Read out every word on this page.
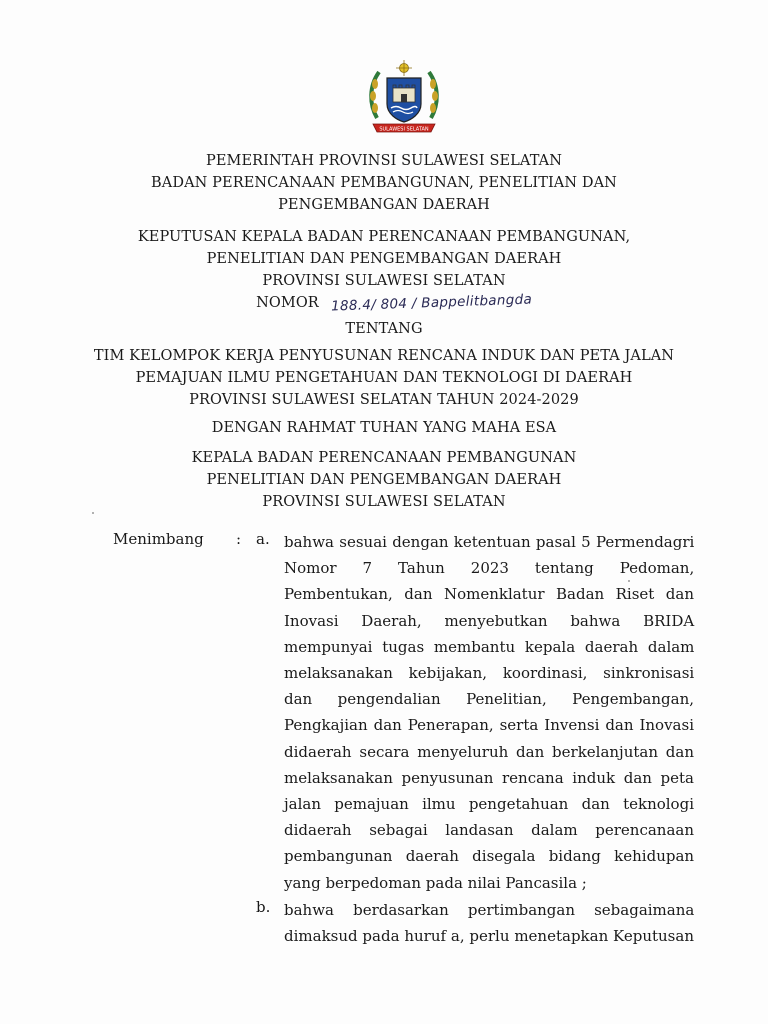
SULAWESI SELATAN
PEMERINTAH PROVINSI SULAWESI SELATAN
BADAN PERENCANAAN PEMBANGUNAN, PENELITIAN DAN
PENGEMBANGAN DAERAH
KEPUTUSAN KEPALA BADAN PERENCANAAN PEMBANGUNAN,
PENELITIAN DAN PENGEMBANGAN DAERAH
PROVINSI SULAWESI SELATAN
NOMOR 188.4/ 804 / Bappelitbangda
TENTANG
TIM KELOMPOK KERJA PENYUSUNAN RENCANA INDUK DAN PETA JALAN
PEMAJUAN ILMU PENGETAHUAN DAN TEKNOLOGI DI DAERAH
PROVINSI SULAWESI SELATAN TAHUN 2024-2029
DENGAN RAHMAT TUHAN YANG MAHA ESA
KEPALA BADAN PERENCANAAN PEMBANGUNAN
PENELITIAN DAN PENGEMBANGAN DAERAH
PROVINSI SULAWESI SELATAN
Menimbang : a. bahwa sesuai dengan ketentuan pasal 5 Permendagri
Nomor 7 Tahun 2023 tentang Pedoman,
Pembentukan, dan Nomenklatur Badan Riset dan
Inovasi Daerah, menyebutkan bahwa BRIDA
mempunyai tugas membantu kepala daerah dalam
melaksanakan kebijakan, koordinasi, sinkronisasi
dan pengendalian Penelitian, Pengembangan,
Pengkajian dan Penerapan, serta Invensi dan Inovasi
didaerah secara menyeluruh dan berkelanjutan dan
melaksanakan penyusunan rencana induk dan peta
jalan pemajuan ilmu pengetahuan dan teknologi
didaerah sebagai landasan dalam perencanaan
pembangunan daerah disegala bidang kehidupan
yang berpedoman pada nilai Pancasila ;
b. bahwa berdasarkan pertimbangan sebagaimana
dimaksud pada huruf a, perlu menetapkan Keputusan
